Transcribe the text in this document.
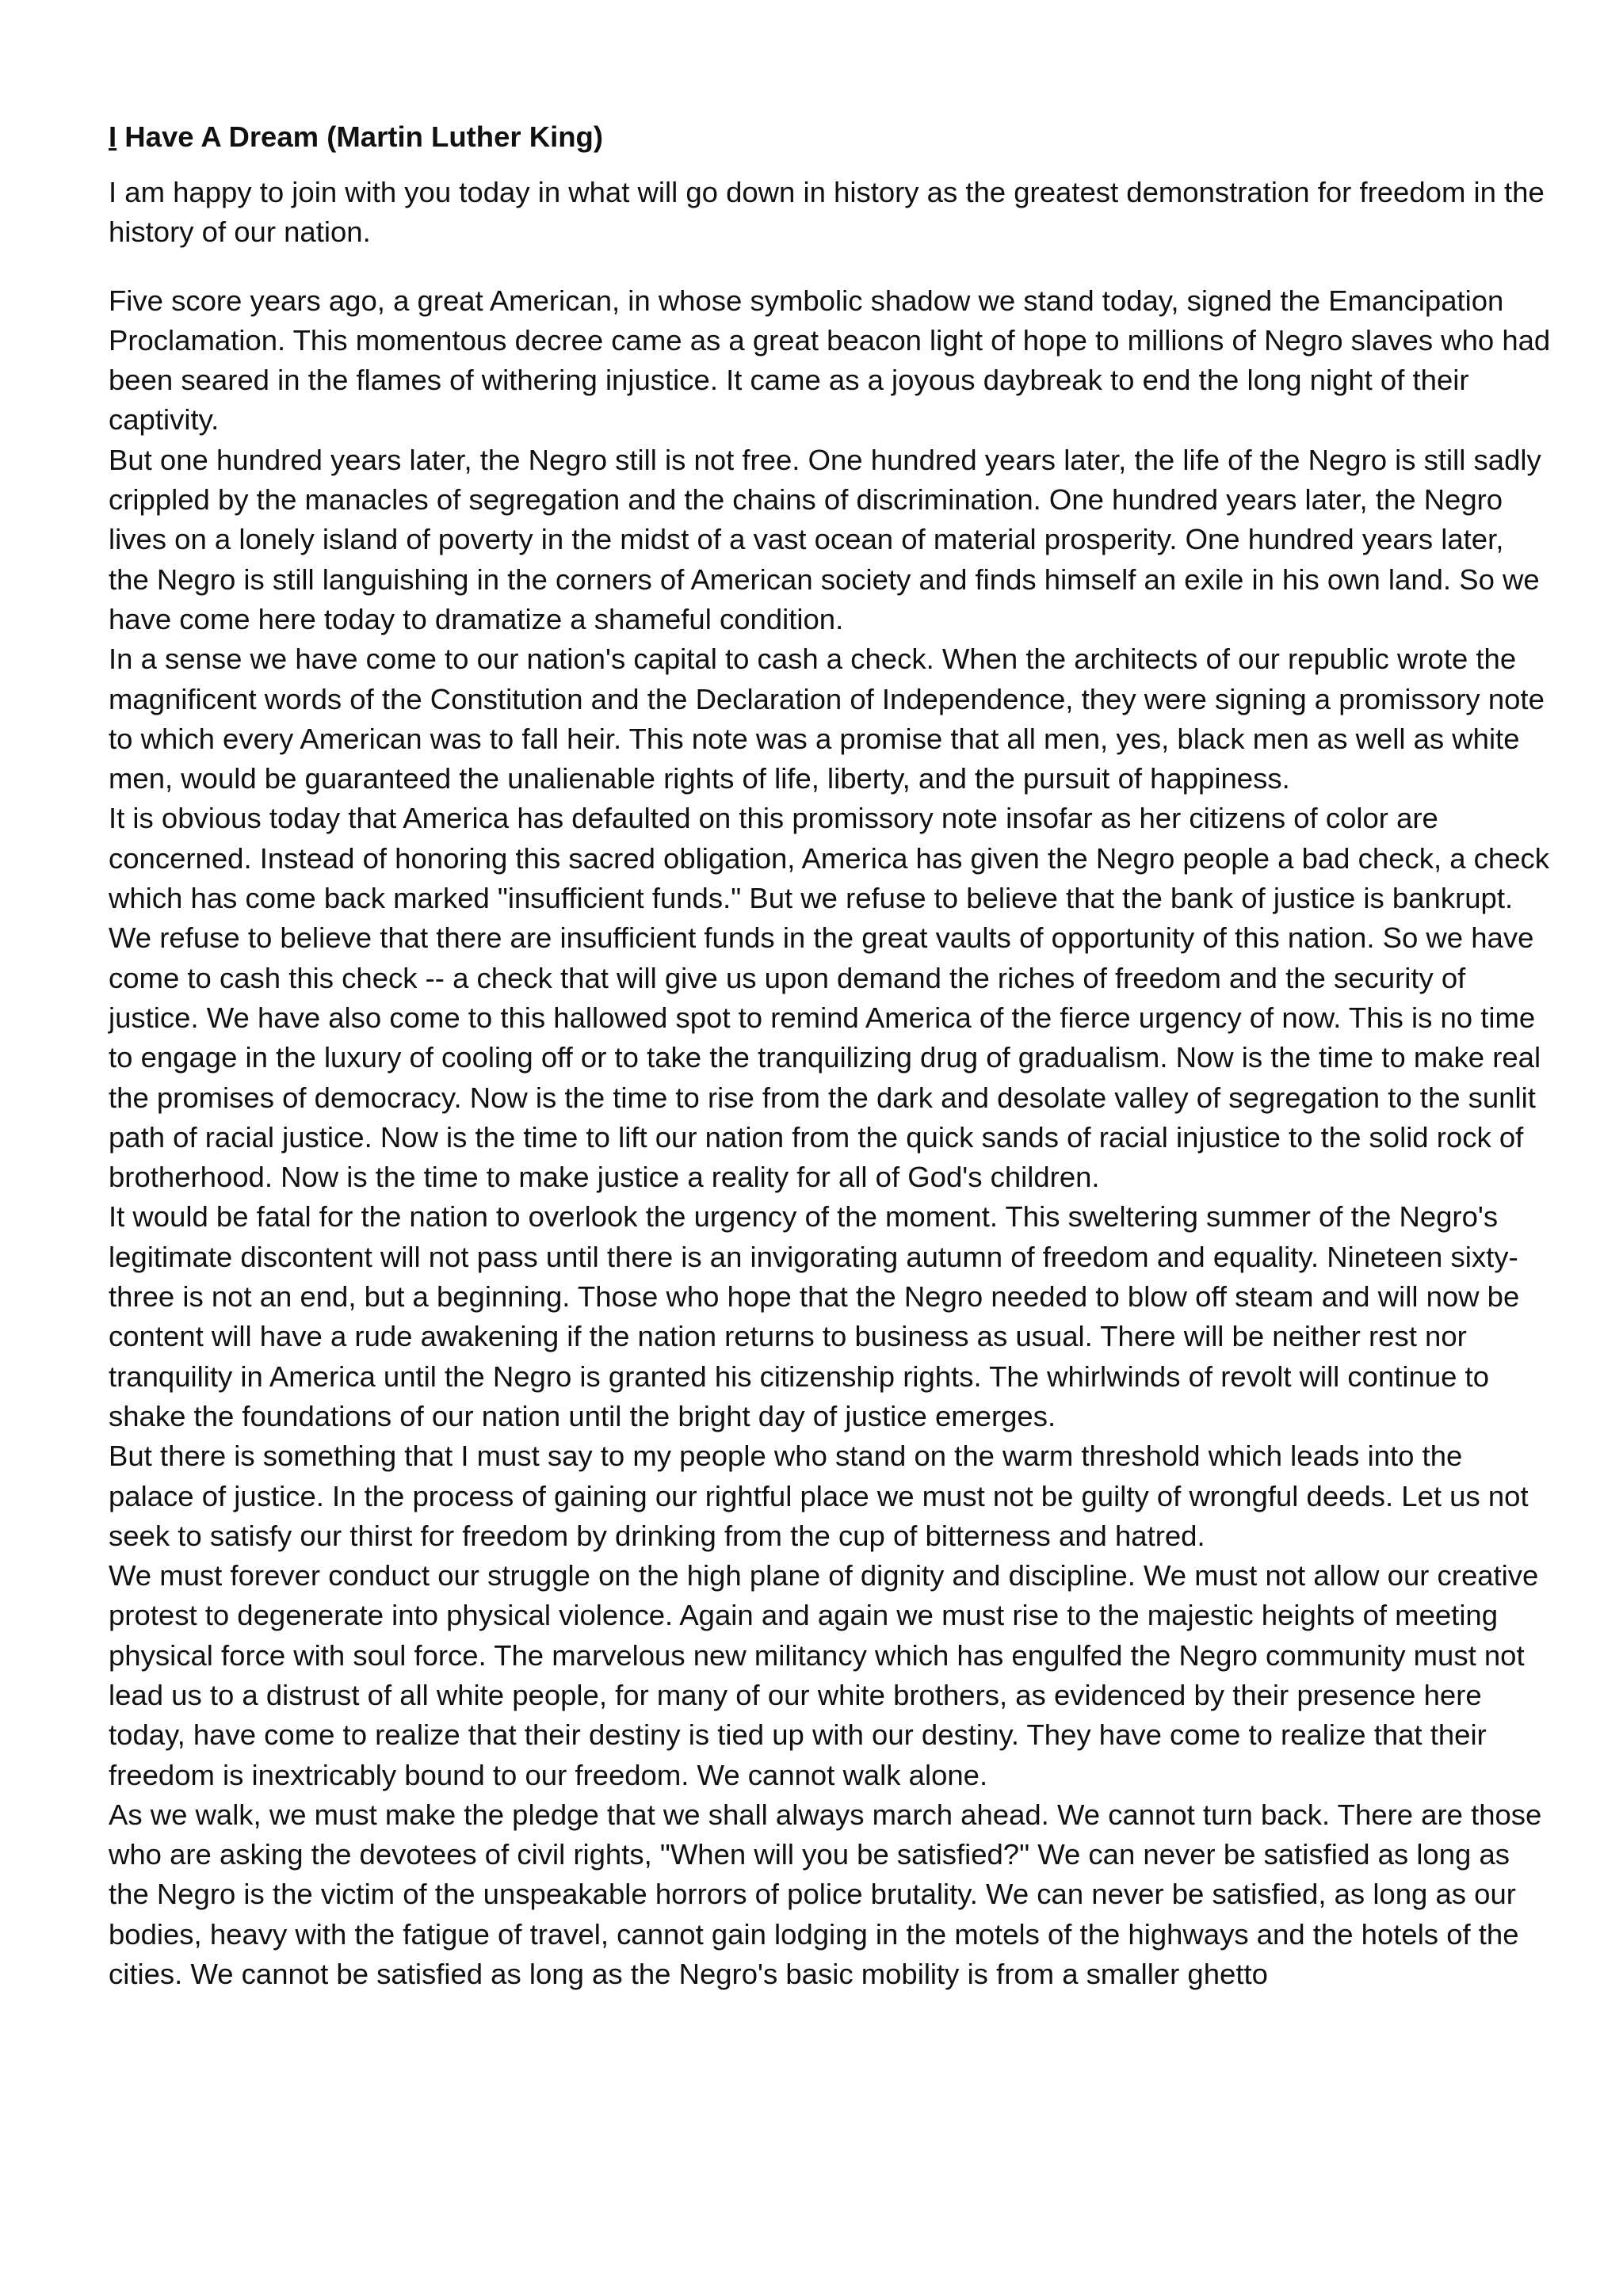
I Have A Dream (Martin Luther King)

I am happy to join with you today in what will go down in history as the greatest demonstration for freedom in the history of our nation.

Five score years ago, a great American, in whose symbolic shadow we stand today, signed the Emancipation Proclamation. This momentous decree came as a great beacon light of hope to millions of Negro slaves who had been seared in the flames of withering injustice. It came as a joyous daybreak to end the long night of their captivity.

But one hundred years later, the Negro still is not free. One hundred years later, the life of the Negro is still sadly crippled by the manacles of segregation and the chains of discrimination. One hundred years later, the Negro lives on a lonely island of poverty in the midst of a vast ocean of material prosperity. One hundred years later, the Negro is still languishing in the corners of American society and finds himself an exile in his own land. So we have come here today to dramatize a shameful condition.

In a sense we have come to our nation's capital to cash a check. When the architects of our republic wrote the magnificent words of the Constitution and the Declaration of Independence, they were signing a promissory note to which every American was to fall heir. This note was a promise that all men, yes, black men as well as white men, would be guaranteed the unalienable rights of life, liberty, and the pursuit of happiness.

It is obvious today that America has defaulted on this promissory note insofar as her citizens of color are concerned. Instead of honoring this sacred obligation, America has given the Negro people a bad check, a check which has come back marked "insufficient funds." But we refuse to believe that the bank of justice is bankrupt. We refuse to believe that there are insufficient funds in the great vaults of opportunity of this nation. So we have come to cash this check -- a check that will give us upon demand the riches of freedom and the security of justice. We have also come to this hallowed spot to remind America of the fierce urgency of now. This is no time to engage in the luxury of cooling off or to take the tranquilizing drug of gradualism. Now is the time to make real the promises of democracy. Now is the time to rise from the dark and desolate valley of segregation to the sunlit path of racial justice. Now is the time to lift our nation from the quick sands of racial injustice to the solid rock of brotherhood. Now is the time to make justice a reality for all of God's children.

It would be fatal for the nation to overlook the urgency of the moment. This sweltering summer of the Negro's legitimate discontent will not pass until there is an invigorating autumn of freedom and equality. Nineteen sixty-three is not an end, but a beginning. Those who hope that the Negro needed to blow off steam and will now be content will have a rude awakening if the nation returns to business as usual. There will be neither rest nor tranquility in America until the Negro is granted his citizenship rights. The whirlwinds of revolt will continue to shake the foundations of our nation until the bright day of justice emerges.

But there is something that I must say to my people who stand on the warm threshold which leads into the palace of justice. In the process of gaining our rightful place we must not be guilty of wrongful deeds. Let us not seek to satisfy our thirst for freedom by drinking from the cup of bitterness and hatred.

We must forever conduct our struggle on the high plane of dignity and discipline. We must not allow our creative protest to degenerate into physical violence. Again and again we must rise to the majestic heights of meeting physical force with soul force. The marvelous new militancy which has engulfed the Negro community must not lead us to a distrust of all white people, for many of our white brothers, as evidenced by their presence here today, have come to realize that their destiny is tied up with our destiny. They have come to realize that their freedom is inextricably bound to our freedom. We cannot walk alone.

As we walk, we must make the pledge that we shall always march ahead. We cannot turn back. There are those who are asking the devotees of civil rights, "When will you be satisfied?" We can never be satisfied as long as the Negro is the victim of the unspeakable horrors of police brutality. We can never be satisfied, as long as our bodies, heavy with the fatigue of travel, cannot gain lodging in the motels of the highways and the hotels of the cities. We cannot be satisfied as long as the Negro's basic mobility is from a smaller ghetto
